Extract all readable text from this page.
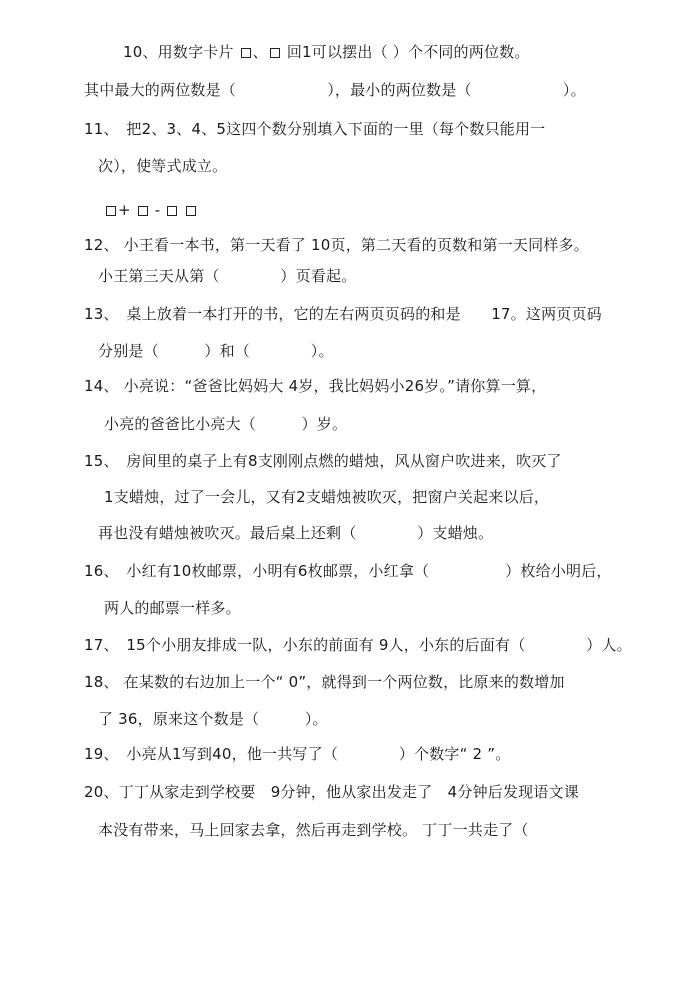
10、用数字卡片 、 回1可以摆出（ ）个不同的两位数。
其中最大的两位数是（　　　　　　），最小的两位数是（　　　　　　）。
11、　把2、3、4、5这四个数分别填入下面的一里（每个数只能用一
次），使等式成立。
+  -
12、 小王看一本书，第一天看了 10页，第二天看的页数和第一天同样多。
小王第三天从第（　　　　）页看起。
13、　桌上放着一本打开的书，它的左右两页页码的和是　　17。这两页页码
分别是（　　　）和（　　　　）。
14、 小亮说：“爸爸比妈妈大 4岁，我比妈妈小26岁。”请你算一算，
小亮的爸爸比小亮大（　　　）岁。
15、　房间里的桌子上有8支刚刚点燃的蜡烛，风从窗户吹进来，吹灭了
1支蜡烛，过了一会儿，又有2支蜡烛被吹灭，把窗户关起来以后，
再也没有蜡烛被吹灭。最后桌上还剩（　　　　）支蜡烛。
16、　小红有10枚邮票，小明有6枚邮票，小红拿（　　　　　）枚给小明后，
两人的邮票一样多。
17、　15个小朋友排成一队，小东的前面有 9人，小东的后面有（　　　　）人。
18、 在某数的右边加上一个“ 0”，就得到一个两位数，比原来的数增加
了 36，原来这个数是（　　　）。
19、　小亮从1写到40，他一共写了（　　　　）个数字“ 2 ”。
20、丁丁从家走到学校要　9分钟，他从家出发走了　4分钟后发现语文课
本没有带来，马上回家去拿，然后再走到学校。 丁丁一共走了（
